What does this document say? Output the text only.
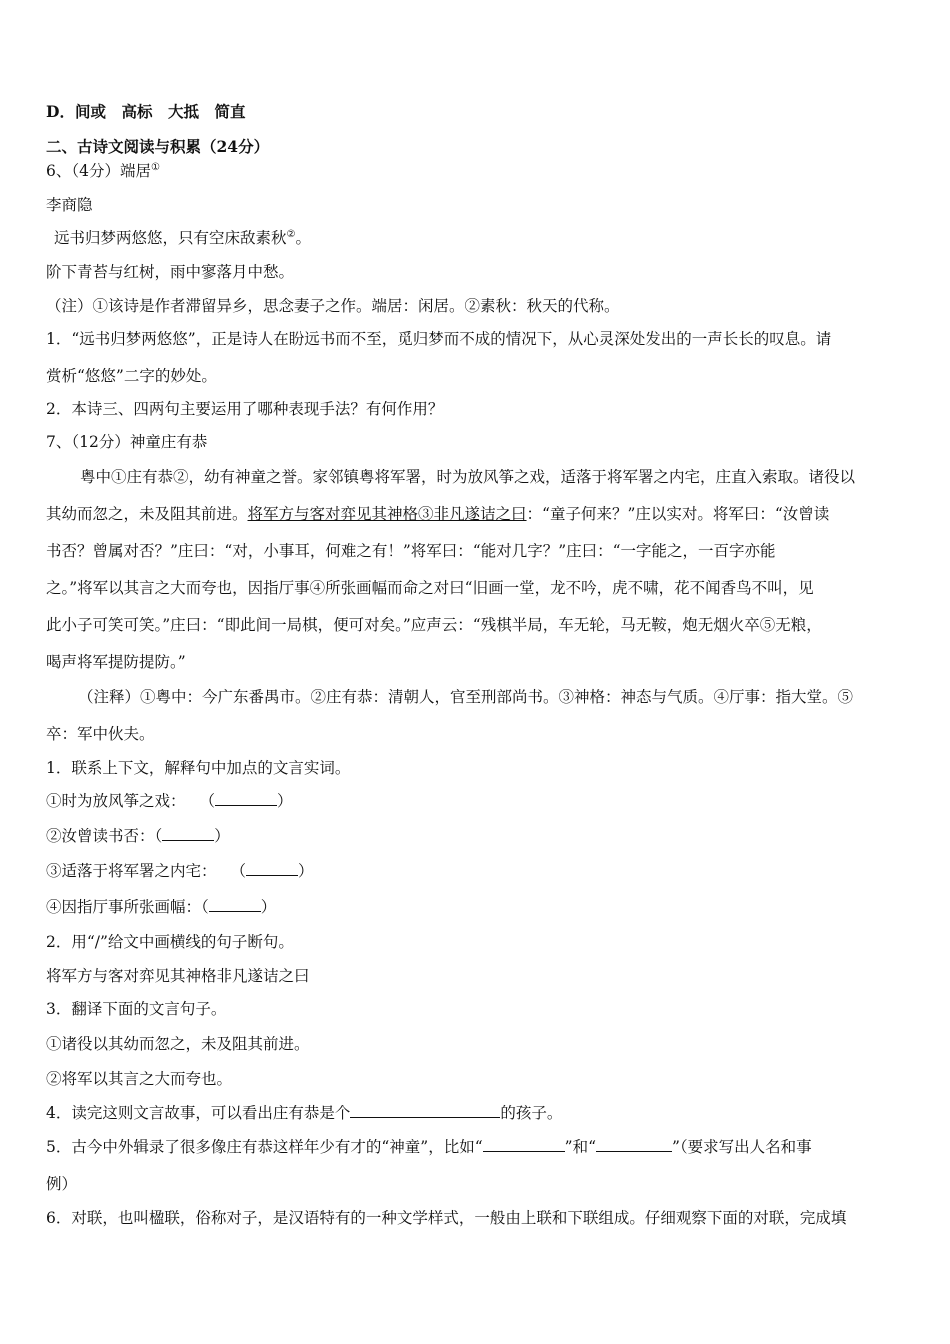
D．间或　高标　大抵　简直
二、古诗文阅读与积累（24分）
6、（4分）端居①
李商隐
远书归梦两悠悠，只有空床敌素秋②。
阶下青苔与红树，雨中寥落月中愁。
（注）①该诗是作者滞留异乡，思念妻子之作。端居：闲居。②素秋：秋天的代称。
1．“远书归梦两悠悠”，正是诗人在盼远书而不至，觅归梦而不成的情况下，从心灵深处发出的一声长长的叹息。请
赏析“悠悠”二字的妙处。
2．本诗三、四两句主要运用了哪种表现手法？有何作用？
7、（12分）神童庄有恭
粤中①庄有恭②，幼有神童之誉。家邻镇粤将军署，时为放风筝之戏，适落于将军署之内宅，庄直入索取。诸役以
其幼而忽之，未及阻其前进。将军方与客对弈见其神格③非凡遂诘之曰：“童子何来？”庄以实对。将军曰：“汝曾读
书否？曾属对否？”庄曰：“对，小事耳，何难之有！”将军曰：“能对几字？”庄曰：“一字能之，一百字亦能
之。”将军以其言之大而夸也，因指厅事④所张画幅而命之对曰“旧画一堂，龙不吟，虎不啸，花不闻香鸟不叫，见
此小子可笑可笑。”庄曰：“即此间一局棋，便可对矣。”应声云：“残棋半局，车无轮，马无鞍，炮无烟火卒⑤无粮，
喝声将军提防提防。”
（注释）①粤中：今广东番禺市。②庄有恭：清朝人，官至刑部尚书。③神格：神态与气质。④厅事：指大堂。⑤
卒：军中伙夫。
1．联系上下文，解释句中加点的文言实词。
①时为放风筝之戏： （	）
②汝曾读书否：（	）
③适落于将军署之内宅： （	）
④因指厅事所张画幅：（	）
2．用“/”给文中画横线的句子断句。
将军方与客对弈见其神格非凡遂诘之曰
3．翻译下面的文言句子。
①诸役以其幼而忽之，未及阻其前进。
②将军以其言之大而夸也。
4．读完这则文言故事，可以看出庄有恭是个	的孩子。
5．古今中外辑录了很多像庄有恭这样年少有才的“神童”，比如“	”和“	”（要求写出人名和事
例）
6．对联，也叫楹联，俗称对子，是汉语特有的一种文学样式，一般由上联和下联组成。仔细观察下面的对联，完成填
